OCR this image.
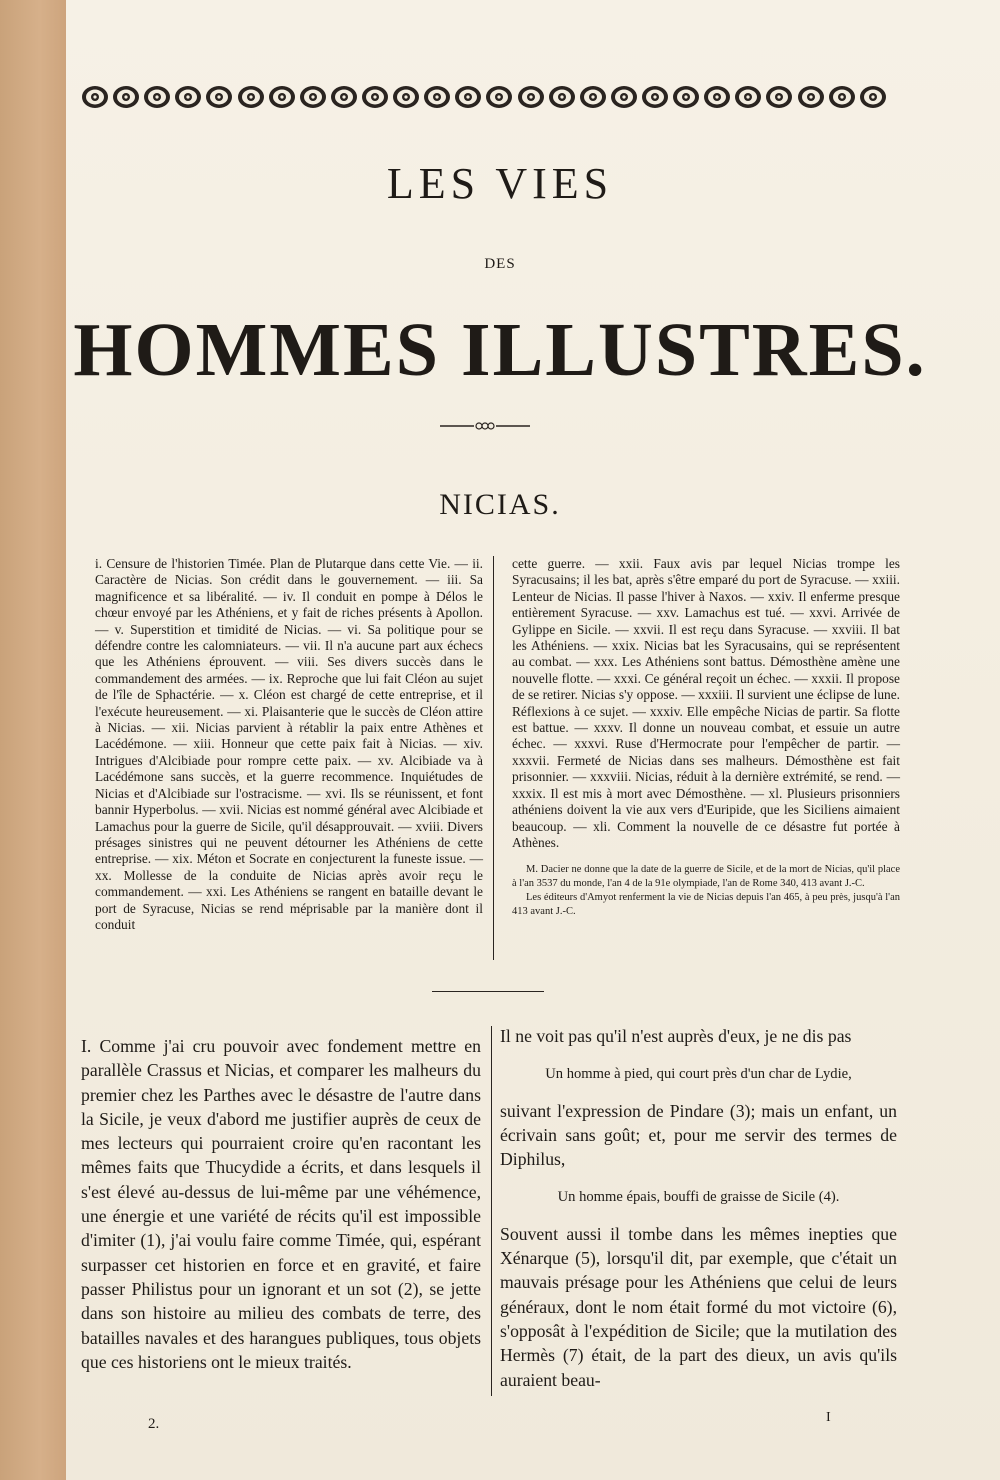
LES VIES
DES
HOMMES ILLUSTRES.
NICIAS.
i. Censure de l'historien Timée. Plan de Plutarque dans cette Vie. — ii. Caractère de Nicias. Son crédit dans le gouvernement. — iii. Sa magnificence et sa libéralité. — iv. Il conduit en pompe à Délos le chœur envoyé par les Athéniens, et y fait de riches présents à Apollon. — v. Superstition et timidité de Nicias. — vi. Sa politique pour se défendre contre les calomniateurs. — vii. Il n'a aucune part aux échecs que les Athéniens éprouvent. — viii. Ses divers succès dans le commandement des armées. — ix. Reproche que lui fait Cléon au sujet de l'île de Sphactérie. — x. Cléon est chargé de cette entreprise, et il l'exécute heureusement. — xi. Plaisanterie que le succès de Cléon attire à Nicias. — xii. Nicias parvient à rétablir la paix entre Athènes et Lacédémone. — xiii. Honneur que cette paix fait à Nicias. — xiv. Intrigues d'Alcibiade pour rompre cette paix. — xv. Alcibiade va à Lacédémone sans succès, et la guerre recommence. Inquiétudes de Nicias et d'Alcibiade sur l'ostracisme. — xvi. Ils se réunissent, et font bannir Hyperbolus. — xvii. Nicias est nommé général avec Alcibiade et Lamachus pour la guerre de Sicile, qu'il désapprouvait. — xviii. Divers présages sinistres qui ne peuvent détourner les Athéniens de cette entreprise. — xix. Méton et Socrate en conjecturent la funeste issue. — xx. Mollesse de la conduite de Nicias après avoir reçu le commandement. — xxi. Les Athéniens se rangent en bataille devant le port de Syracuse, Nicias se rend méprisable par la manière dont il conduit
cette guerre. — xxii. Faux avis par lequel Nicias trompe les Syracusains; il les bat, après s'être emparé du port de Syracuse. — xxiii. Lenteur de Nicias. Il passe l'hiver à Naxos. — xxiv. Il enferme presque entièrement Syracuse. — xxv. Lamachus est tué. — xxvi. Arrivée de Gylippe en Sicile. — xxvii. Il est reçu dans Syracuse. — xxviii. Il bat les Athéniens. — xxix. Nicias bat les Syracusains, qui se représentent au combat. — xxx. Les Athéniens sont battus. Démosthène amène une nouvelle flotte. — xxxi. Ce général reçoit un échec. — xxxii. Il propose de se retirer. Nicias s'y oppose. — xxxiii. Il survient une éclipse de lune. Réflexions à ce sujet. — xxxiv. Elle empêche Nicias de partir. Sa flotte est battue. — xxxv. Il donne un nouveau combat, et essuie un autre échec. — xxxvi. Ruse d'Hermocrate pour l'empêcher de partir. — xxxvii. Fermeté de Nicias dans ses malheurs. Démosthène est fait prisonnier. — xxxviii. Nicias, réduit à la dernière extrémité, se rend. — xxxix. Il est mis à mort avec Démosthène. — xl. Plusieurs prisonniers athéniens doivent la vie aux vers d'Euripide, que les Siciliens aimaient beaucoup. — xli. Comment la nouvelle de ce désastre fut portée à Athènes.

M. Dacier ne donne que la date de la guerre de Sicile, et de la mort de Nicias, qu'il place à l'an 3537 du monde, l'an 4 de la 91e olympiade, l'an de Rome 340, 413 avant J.-C.

Les éditeurs d'Amyot renferment la vie de Nicias depuis l'an 465, à peu près, jusqu'à l'an 413 avant J.-C.

I. Comme j'ai cru pouvoir avec fondement mettre en parallèle Crassus et Nicias, et comparer les malheurs du premier chez les Parthes avec le désastre de l'autre dans la Sicile, je veux d'abord me justifier auprès de ceux de mes lecteurs qui pourraient croire qu'en racontant les mêmes faits que Thucydide a écrits, et dans lesquels il s'est élevé au-dessus de lui-même par une véhémence, une énergie et une variété de récits qu'il est impossible d'imiter (1), j'ai voulu faire comme Timée, qui, espérant surpasser cet historien en force et en gravité, et faire passer Philistus pour un ignorant et un sot (2), se jette dans son histoire au milieu des combats de terre, des batailles navales et des harangues publiques, tous objets que ces historiens ont le mieux traités.

Il ne voit pas qu'il n'est auprès d'eux, je ne dis pas

Un homme à pied, qui court près d'un char de Lydie,

suivant l'expression de Pindare (3); mais un enfant, un écrivain sans goût; et, pour me servir des termes de Diphilus,

Un homme épais, bouffi de graisse de Sicile (4).

Souvent aussi il tombe dans les mêmes inepties que Xénarque (5), lorsqu'il dit, par exemple, que c'était un mauvais présage pour les Athéniens que celui de leurs généraux, dont le nom était formé du mot victoire (6), s'opposât à l'expédition de Sicile; que la mutilation des Hermès (7) était, de la part des dieux, un avis qu'ils auraient beau-

2.	I
